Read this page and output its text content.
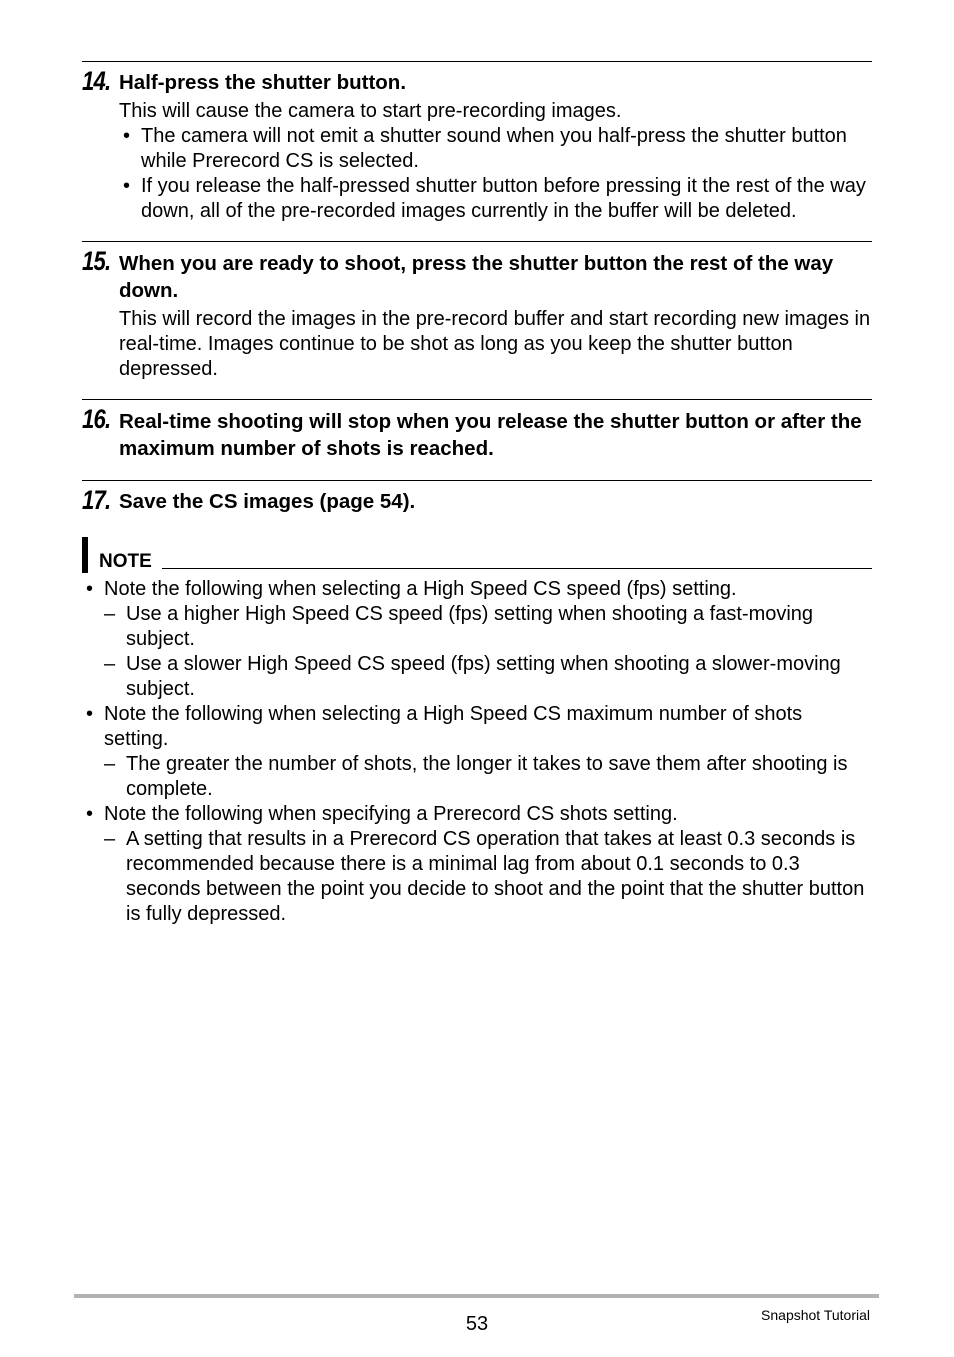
14. Half-press the shutter button.

This will cause the camera to start pre-recording images.

• The camera will not emit a shutter sound when you half-press the shutter button while Prerecord CS is selected.
• If you release the half-pressed shutter button before pressing it the rest of the way down, all of the pre-recorded images currently in the buffer will be deleted.
15. When you are ready to shoot, press the shutter button the rest of the way down.

This will record the images in the pre-record buffer and start recording new images in real-time. Images continue to be shot as long as you keep the shutter button depressed.

16. Real-time shooting will stop when you release the shutter button or after the maximum number of shots is reached.
17. Save the CS images (page 54).
NOTE
• Note the following when selecting a High Speed CS speed (fps) setting.
– Use a higher High Speed CS speed (fps) setting when shooting a fast-moving subject.
– Use a slower High Speed CS speed (fps) setting when shooting a slower-moving subject.
• Note the following when selecting a High Speed CS maximum number of shots setting.
– The greater the number of shots, the longer it takes to save them after shooting is complete.
• Note the following when specifying a Prerecord CS shots setting.
– A setting that results in a Prerecord CS operation that takes at least 0.3 seconds is recommended because there is a minimal lag from about 0.1 seconds to 0.3 seconds between the point you decide to shoot and the point that the shutter button is fully depressed.
53	Snapshot Tutorial
